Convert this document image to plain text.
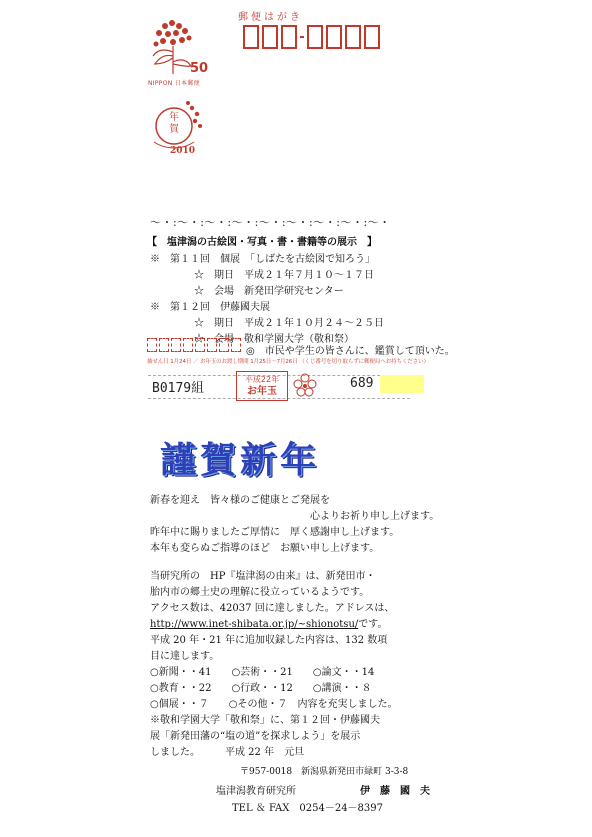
50
NIPPON 日本郵便
年賀
2010
郵便はがき
～・:～・:～・:～・:～・:～・:～・:～・:～・
【　塩津潟の古絵図・写真・書・書籍等の展示　】
※　第１１回　個展　「しばたを古絵図で知ろう」
☆　期日　平成２１年７月１０～１７日
☆　会場　新発田学研究センター
※　第１２回　伊藤國夫展
☆　期日　平成２１年１０月２４～２５日
☆　会場　敬和学園大学（敬和祭）
◎　市民や学生の皆さんに、鑑賞して頂いた。
抽せん日 1月24日 ／ お年玉のお渡し期間 1月25日～7月26日 （くじ番号を切り取らずに郵便局へお持ちください）
B0179組
平成22年
お年玉
689
謹賀新年
新春を迎え　皆々様のご健康とご発展を
心よりお祈り申し上げます。
昨年中に賜りましたご厚情に　厚く感謝申し上げます。
本年も変らぬご指導のほど　お願い申し上げます。
当研究所の　HP『塩津潟の由来』は、新発田市・
胎内市の郷土史の理解に役立っているようです。
アクセス数は、42037 回に達しました。アドレスは、
http://www.inet-shibata.or.jp/~shionotsu/です。
平成 20 年・21 年に追加収録した内容は、132 数項
目に達します。
○新聞・・41　　○芸術・・21　　○論文・・14
○教育・・22　　○行政・・12　　○講演・・８
○個展・・７　　○その他・７　内容を充実しました。
※敬和学園大学「敬和祭」に、第１２回・伊藤國夫
展「新発田藩の“塩の道”を探求しよう」を展示
しました。　　　平成 22 年　元旦
〒957-0018　新潟県新発田市緑町 3-3-8
塩津潟教育研究所	伊　藤　國　夫
TEL ＆ FAX　0254－24－8397
